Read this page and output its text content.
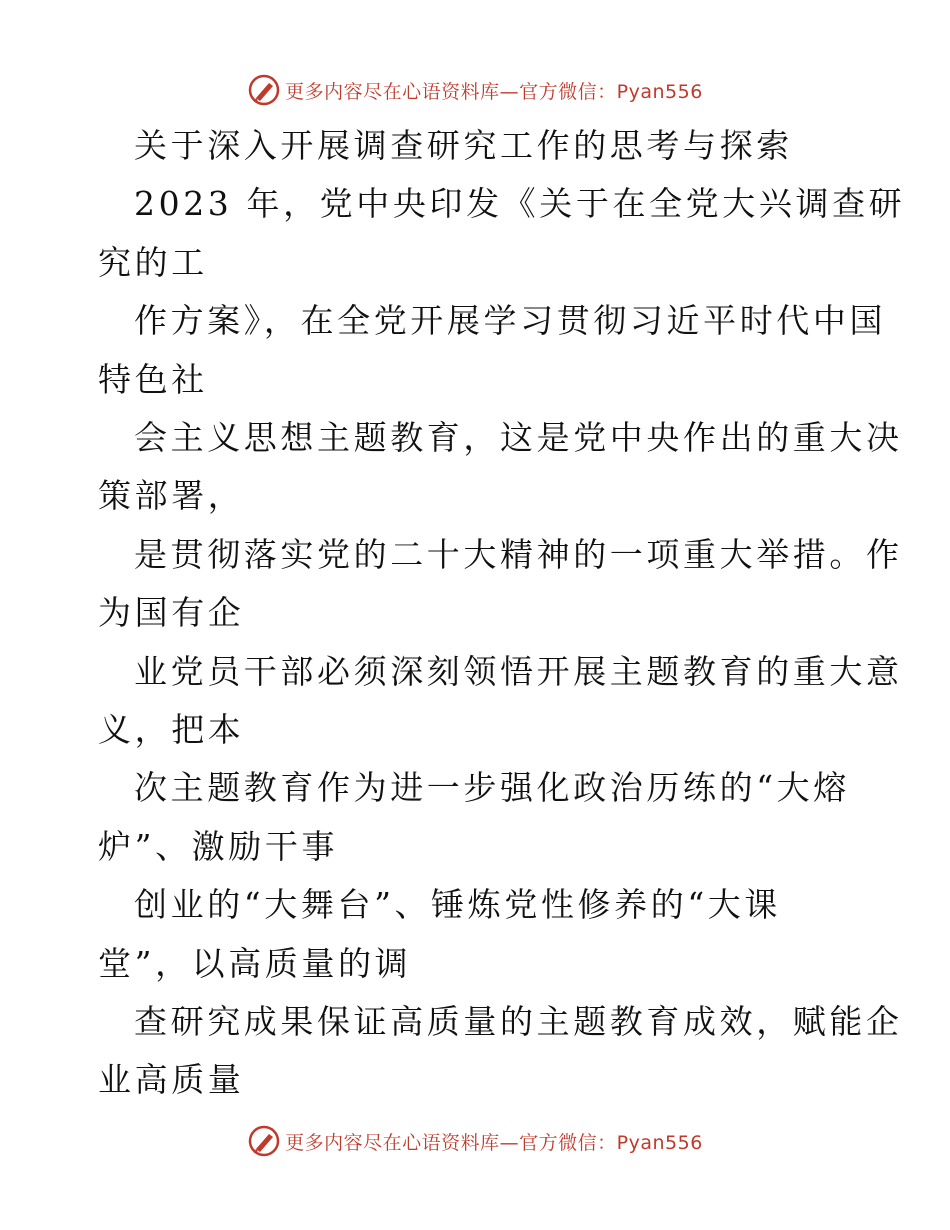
更多内容尽在心语资料库—官方微信：Pyan556
关于深入开展调查研究工作的思考与探索
2023 年，党中央印发《关于在全党大兴调查研
究的工
作方案》，在全党开展学习贯彻习近平时代中国
特色社
会主义思想主题教育，这是党中央作出的重大决
策部署，
是贯彻落实党的二十大精神的一项重大举措。作
为国有企
业党员干部必须深刻领悟开展主题教育的重大意
义，把本
次主题教育作为进一步强化政治历练的“大熔
炉”、激励干事
创业的“大舞台”、锤炼党性修养的“大课
堂”，以高质量的调
查研究成果保证高质量的主题教育成效，赋能企
业高质量
更多内容尽在心语资料库—官方微信：Pyan556
